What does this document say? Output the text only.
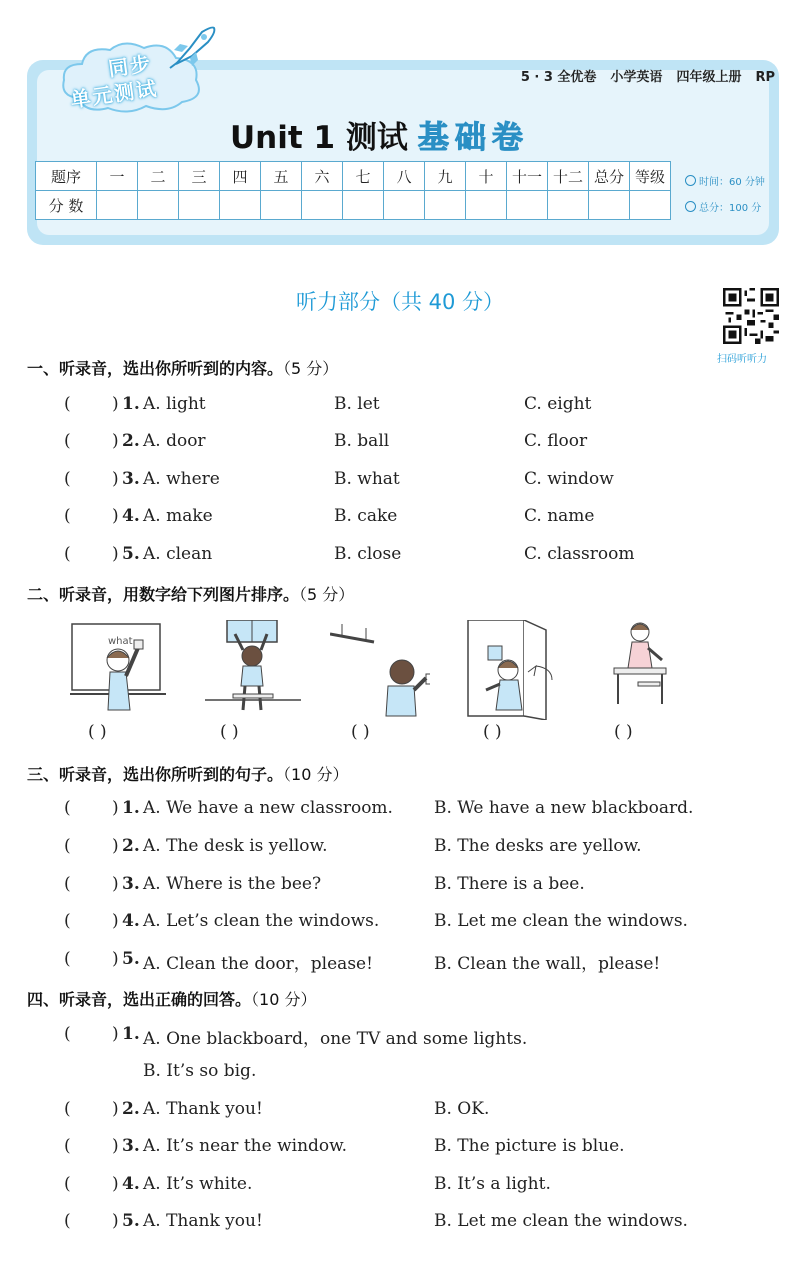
同步
单元测试	5 · 3 全优卷 小学英语 四年级上册 RP
Unit 1 测试 基础卷
题序	一	二	三	四	五	六	七	八	九	十	十一	十二	总分	等级
分 数														
时间：60 分钟
总分：100 分
听力部分（共 40 分）
扫码听听力
一、听录音，选出你所听到的内容。（5 分）
( ) 1. A. light	B. let	C. eight
( ) 2. A. door	B. ball	C. floor
( ) 3. A. where	B. what	C. window
( ) 4. A. make	B. cake	C. name
( ) 5. A. clean	B. close	C. classroom
二、听录音，用数字给下列图片排序。（5 分）
what
( )	( )	( )	( )	( )
三、听录音，选出你所听到的句子。（10 分）
( ) 1. A. We have a new classroom. B. We have a new blackboard.
( ) 2. A. The desk is yellow.	B. The desks are yellow.
( ) 3. A. Where is the bee?	B. There is a bee.
( ) 4. A. Let’s clean the windows.	B. Let me clean the windows.
( ) 5. A. Clean the door，please!	B. Clean the wall，please!
四、听录音，选出正确的回答。（10 分）
( ) 1. A. One blackboard，one TV and some lights.
B. It’s so big.
( ) 2. A. Thank you!	B. OK.
( ) 3. A. It’s near the window.	B. The picture is blue.
( ) 4. A. It’s white.	B. It’s a light.
( ) 5. A. Thank you!	B. Let me clean the windows.
